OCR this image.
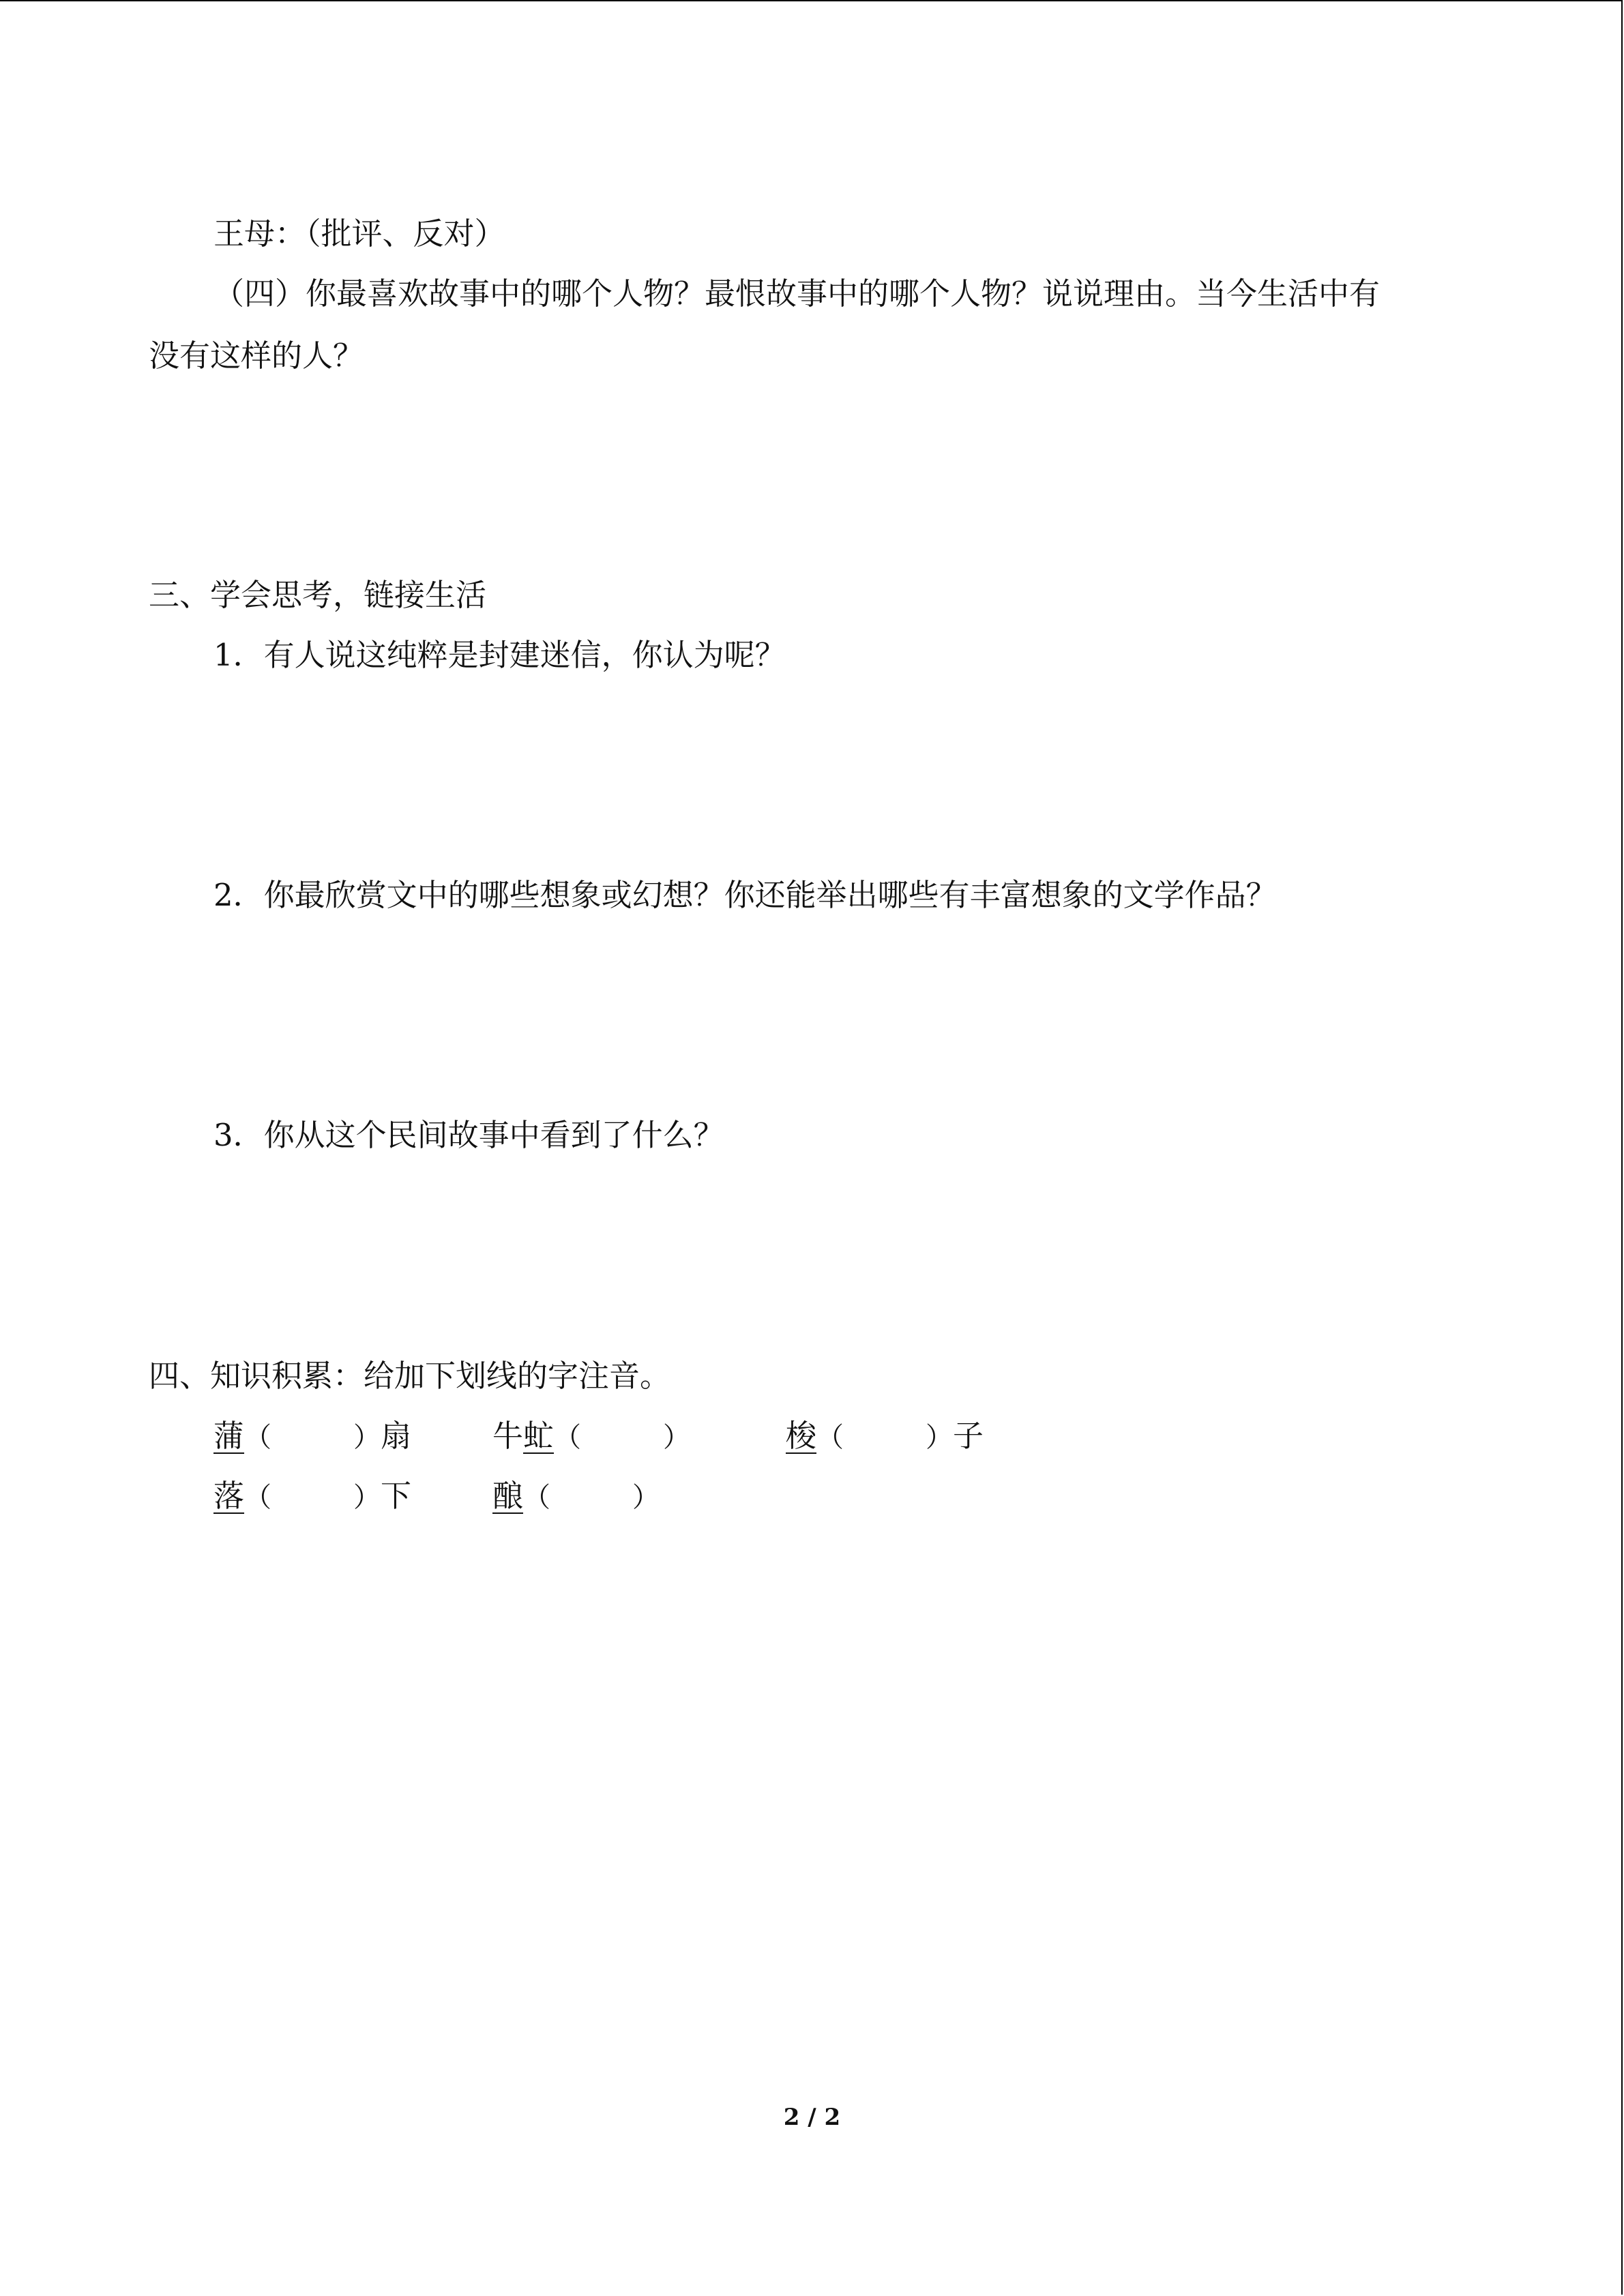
王母：（批评、反对）
（四）你最喜欢故事中的哪个人物？最恨故事中的哪个人物？说说理由。当今生活中有
没有这样的人？
三、学会思考，链接生活
1．有人说这纯粹是封建迷信，你认为呢？
2．你最欣赏文中的哪些想象或幻想？你还能举出哪些有丰富想象的文学作品？
3．你从这个民间故事中看到了什么？
四、知识积累：给加下划线的字注音。
蒲（	）扇	牛虻（	）	梭（	）子
落（	）下	酿（	）
2 / 2
